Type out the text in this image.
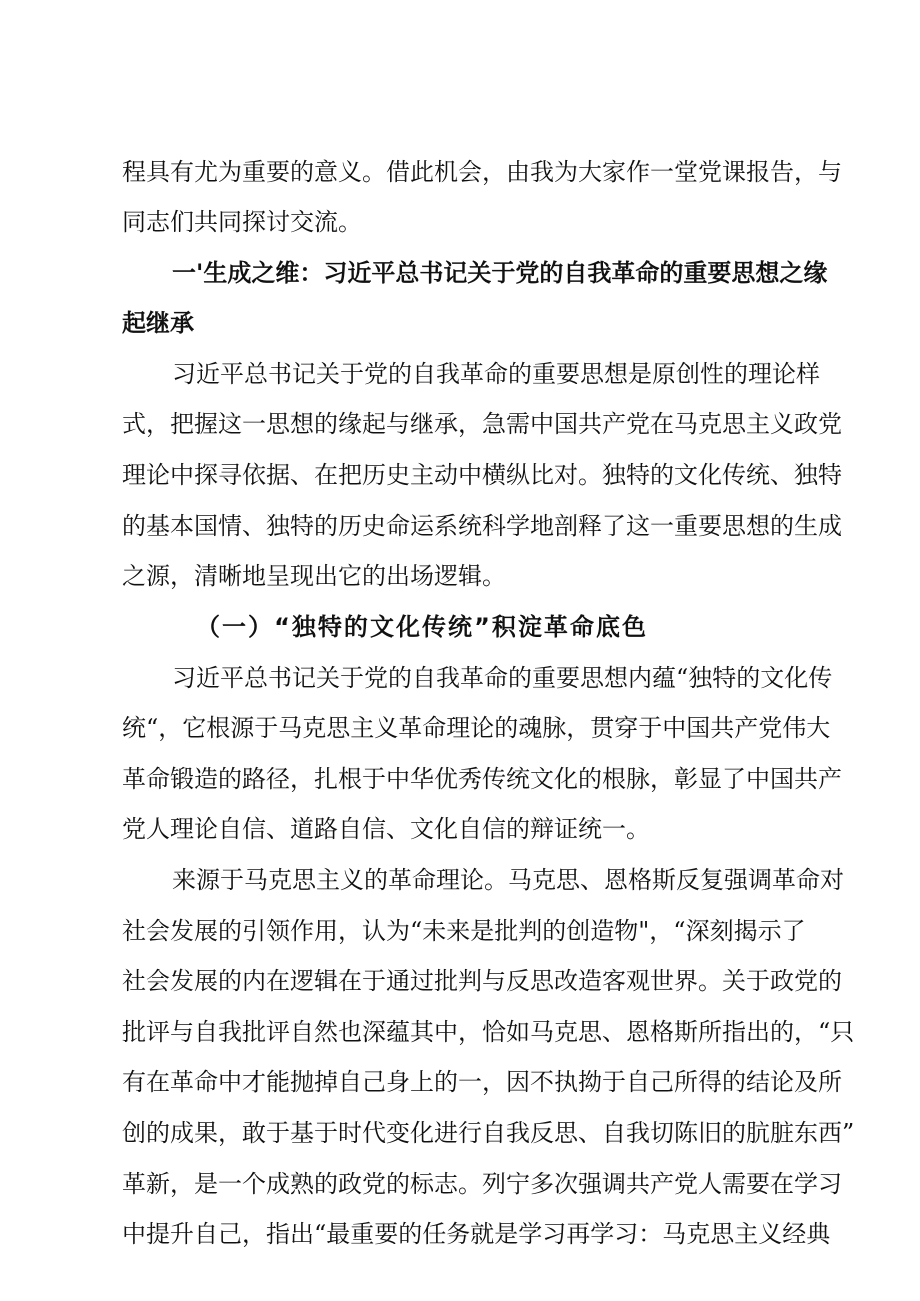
程具有尤为重要的意义。借此机会，由我为大家作一堂党课报告，与
同志们共同探讨交流。
一'生成之维：习近平总书记关于党的自我革命的重要思想之缘
起继承
习近平总书记关于党的自我革命的重要思想是原创性的理论样
式，把握这一思想的缘起与继承，急需中国共产党在马克思主义政党
理论中探寻依据、在把历史主动中横纵比对。独特的文化传统、独特
的基本国情、独特的历史命运系统科学地剖释了这一重要思想的生成
之源，清晰地呈现出它的出场逻辑。
（一）“独特的文化传统”积淀革命底色
习近平总书记关于党的自我革命的重要思想内蕴“独特的文化传
统“，它根源于马克思主义革命理论的魂脉，贯穿于中国共产党伟大
革命锻造的路径，扎根于中华优秀传统文化的根脉，彰显了中国共产
党人理论自信、道路自信、文化自信的辩证统一。
来源于马克思主义的革命理论。马克思、恩格斯反复强调革命对
社会发展的引领作用，认为“未来是批判的创造物"，“深刻揭示了
社会发展的内在逻辑在于通过批判与反思改造客观世界。关于政党的
批评与自我批评自然也深蕴其中，恰如马克思、恩格斯所指出的，“只
有在革命中才能抛掉自己身上的一，因不执拗于自己所得的结论及所
创的成果，敢于基于时代变化进行自我反思、自我切陈旧的肮脏东西”
革新，是一个成熟的政党的标志。列宁多次强调共产党人需要在学习
中提升自己，指出“最重要的任务就是学习再学习：马克思主义经典
